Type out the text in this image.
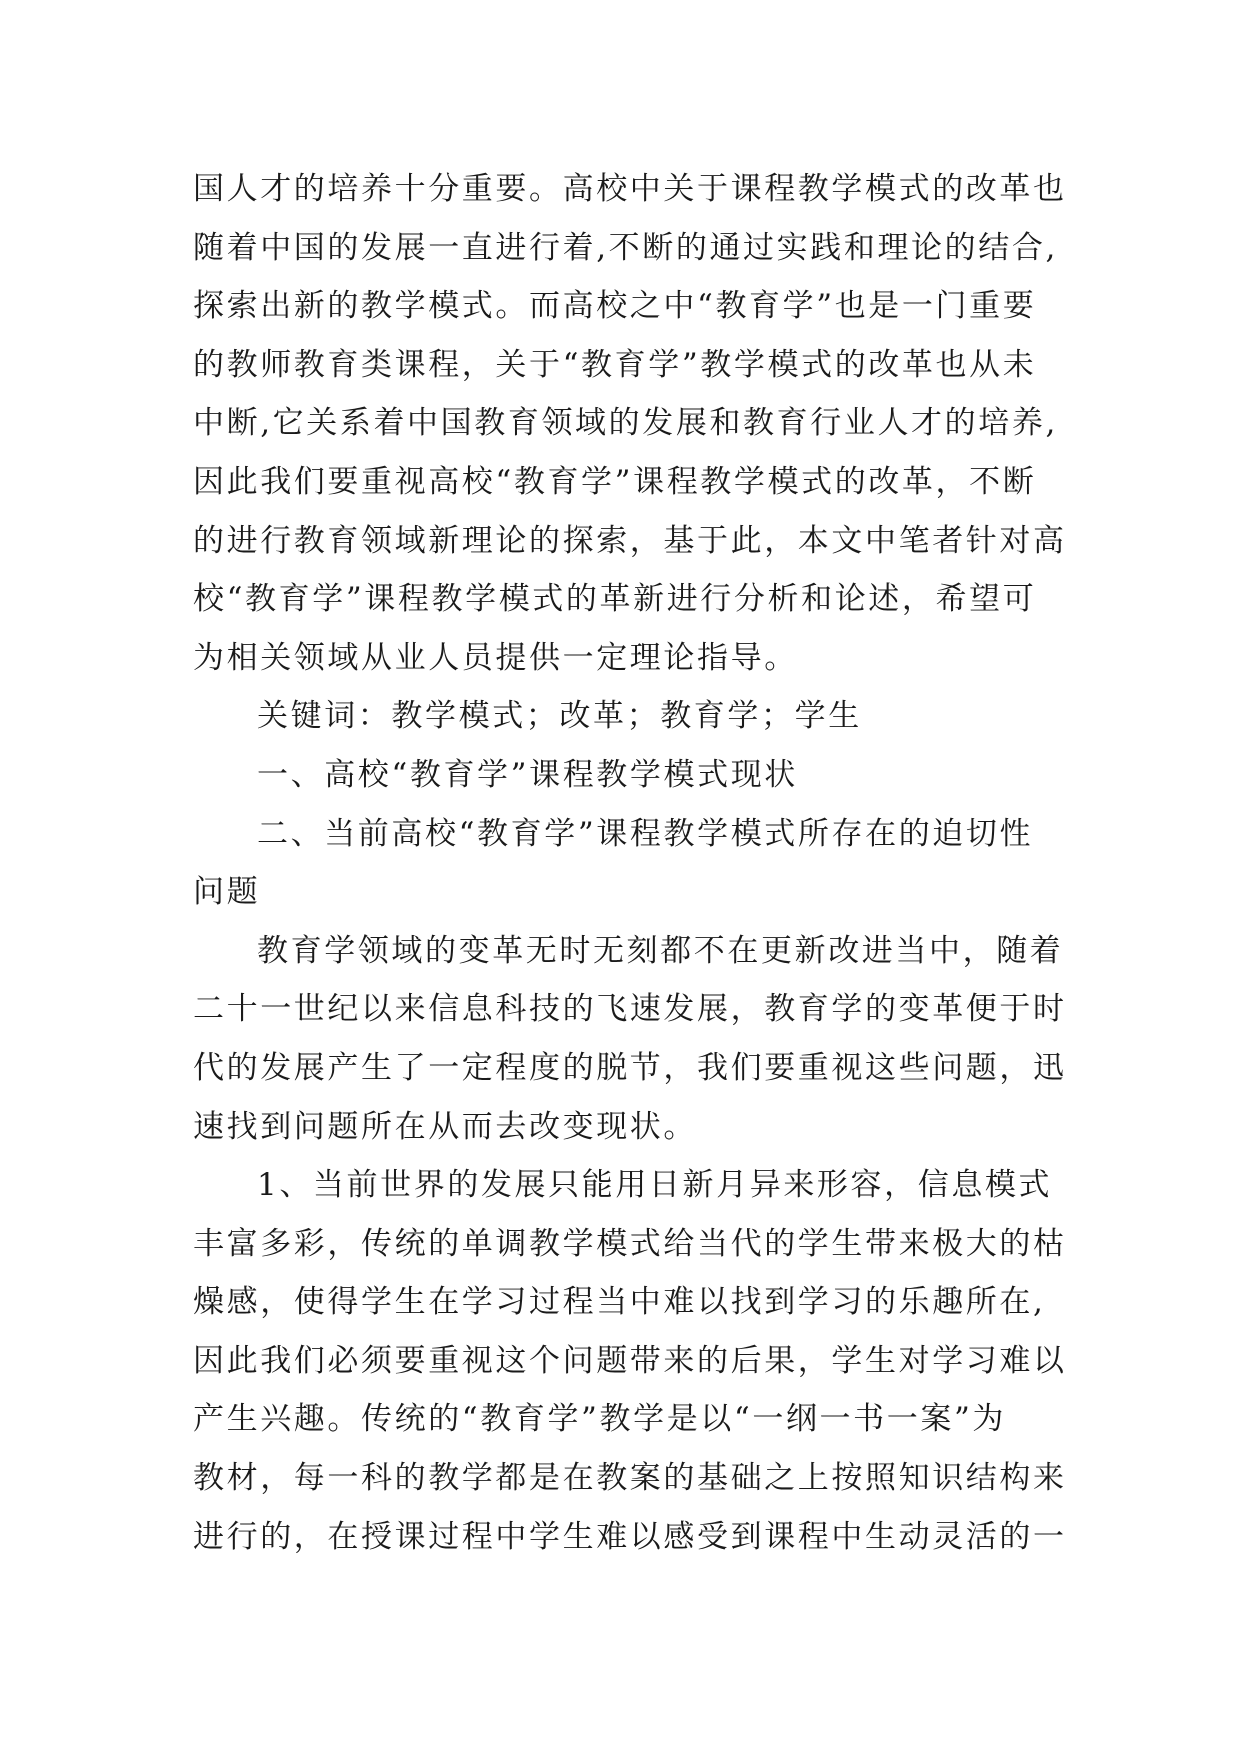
国人才的培养十分重要。高校中关于课程教学模式的改革也
随着中国的发展一直进行着,不断的通过实践和理论的结合,
探索出新的教学模式。而高校之中“教育学”也是一门重要
的教师教育类课程，关于“教育学”教学模式的改革也从未
中断,它关系着中国教育领域的发展和教育行业人才的培养,
因此我们要重视高校“教育学”课程教学模式的改革，不断
的进行教育领域新理论的探索，基于此，本文中笔者针对高
校“教育学”课程教学模式的革新进行分析和论述，希望可
为相关领域从业人员提供一定理论指导。
关键词：教学模式；改革；教育学；学生
一、高校“教育学”课程教学模式现状
二、当前高校“教育学”课程教学模式所存在的迫切性
问题
教育学领域的变革无时无刻都不在更新改进当中，随着
二十一世纪以来信息科技的飞速发展，教育学的变革便于时
代的发展产生了一定程度的脱节，我们要重视这些问题，迅
速找到问题所在从而去改变现状。
1、当前世界的发展只能用日新月异来形容，信息模式
丰富多彩，传统的单调教学模式给当代的学生带来极大的枯
燥感，使得学生在学习过程当中难以找到学习的乐趣所在,
因此我们必须要重视这个问题带来的后果，学生对学习难以
产生兴趣。传统的“教育学”教学是以“一纲一书一案”为
教材，每一科的教学都是在教案的基础之上按照知识结构来
进行的，在授课过程中学生难以感受到课程中生动灵活的一
